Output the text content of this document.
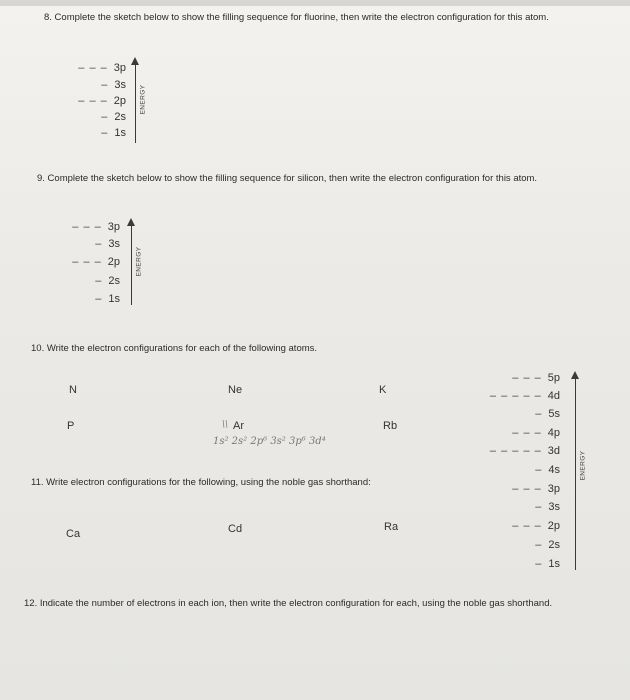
8. Complete the sketch below to show the filling sequence for fluorine, then write the electron configuration for this atom.
– – – 3p
– 3s
– – – 2p
– 2s
– 1s
ENERGY
9. Complete the sketch below to show the filling sequence for silicon, then write the electron configuration for this atom.
– – – 3p
– 3s
– – – 2p
– 2s
– 1s
ENERGY
10. Write the electron configurations for each of the following atoms.
N	Ne	K
P	\\ Ar	Rb
1s² 2s² 2p⁶ 3s² 3p⁶ 3d⁴
11. Write electron configurations for the following, using the noble gas shorthand:
Ca	Cd	Ra
– – – 5p
– – – – – 4d
– 5s
– – – 4p
– – – – – 3d
– 4s
– – – 3p
– 3s
– – – 2p
– 2s
– 1s
ENERGY
12. Indicate the number of electrons in each ion, then write the electron configuration for each, using the noble gas shorthand.
